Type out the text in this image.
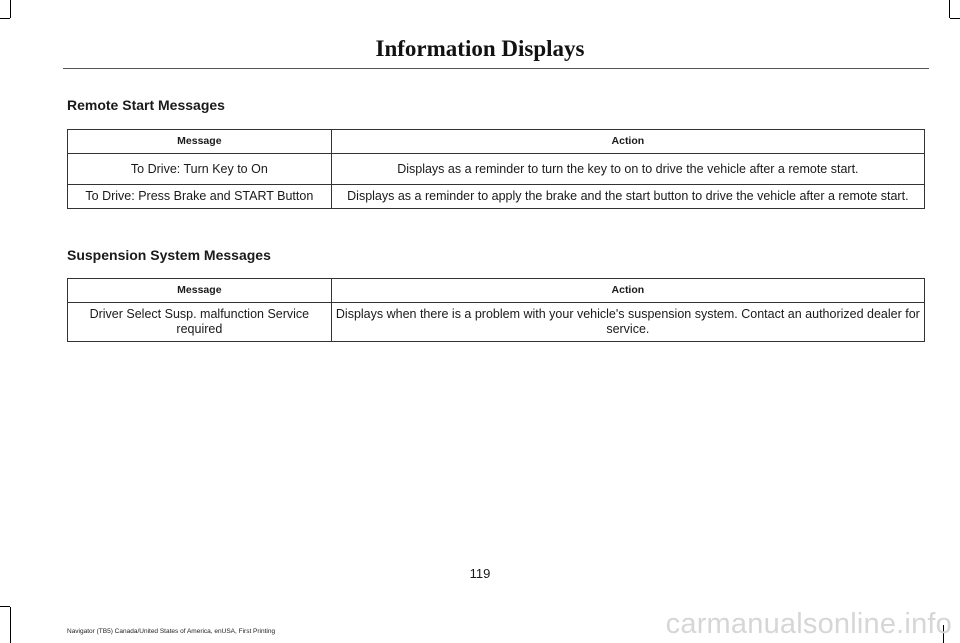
Information Displays
Remote Start Messages
Message	Action
To Drive: Turn Key to On	Displays as a reminder to turn the key to on to drive the vehicle after a remote start.
To Drive: Press Brake and START Button	Displays as a reminder to apply the brake and the start button to drive the vehicle after a remote start.
Suspension System Messages
Message	Action
Driver Select Susp. malfunction Service required	Displays when there is a problem with your vehicle's suspension system. Contact an authorized dealer for service.
119
Navigator (TB5) Canada/United States of America, enUSA, First Printing	carmanualsonline.info
